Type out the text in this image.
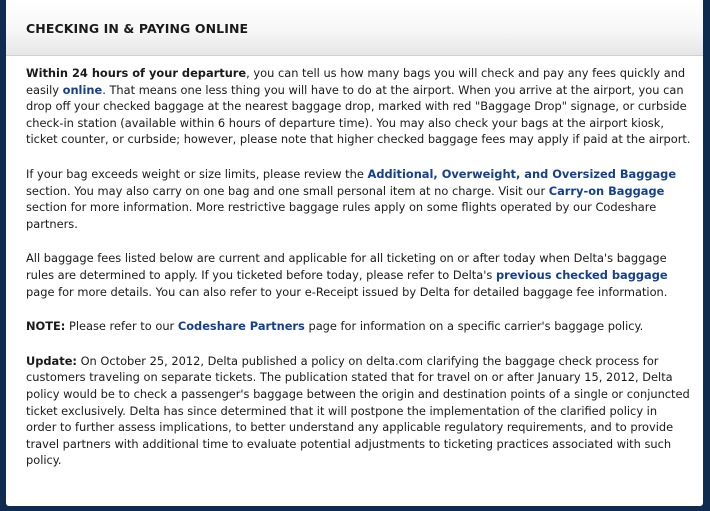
CHECKING IN & PAYING ONLINE

Within 24 hours of your departure, you can tell us how many bags you will check and pay any fees quickly and easily online. That means one less thing you will have to do at the airport. When you arrive at the airport, you can drop off your checked baggage at the nearest baggage drop, marked with red "Baggage Drop" signage, or curbside check-in station (available within 6 hours of departure time). You may also check your bags at the airport kiosk, ticket counter, or curbside; however, please note that higher checked baggage fees may apply if paid at the airport.

If your bag exceeds weight or size limits, please review the Additional, Overweight, and Oversized Baggage section. You may also carry on one bag and one small personal item at no charge. Visit our Carry-on Baggage section for more information. More restrictive baggage rules apply on some flights operated by our Codeshare partners.

All baggage fees listed below are current and applicable for all ticketing on or after today when Delta's baggage rules are determined to apply. If you ticketed before today, please refer to Delta's previous checked baggage page for more details. You can also refer to your e-Receipt issued by Delta for detailed baggage fee information.

NOTE: Please refer to our Codeshare Partners page for information on a specific carrier's baggage policy.

Update: On October 25, 2012, Delta published a policy on delta.com clarifying the baggage check process for customers traveling on separate tickets. The publication stated that for travel on or after January 15, 2012, Delta policy would be to check a passenger's baggage between the origin and destination points of a single or conjuncted ticket exclusively. Delta has since determined that it will postpone the implementation of the clarified policy in order to further assess implications, to better understand any applicable regulatory requirements, and to provide travel partners with additional time to evaluate potential adjustments to ticketing practices associated with such policy.
